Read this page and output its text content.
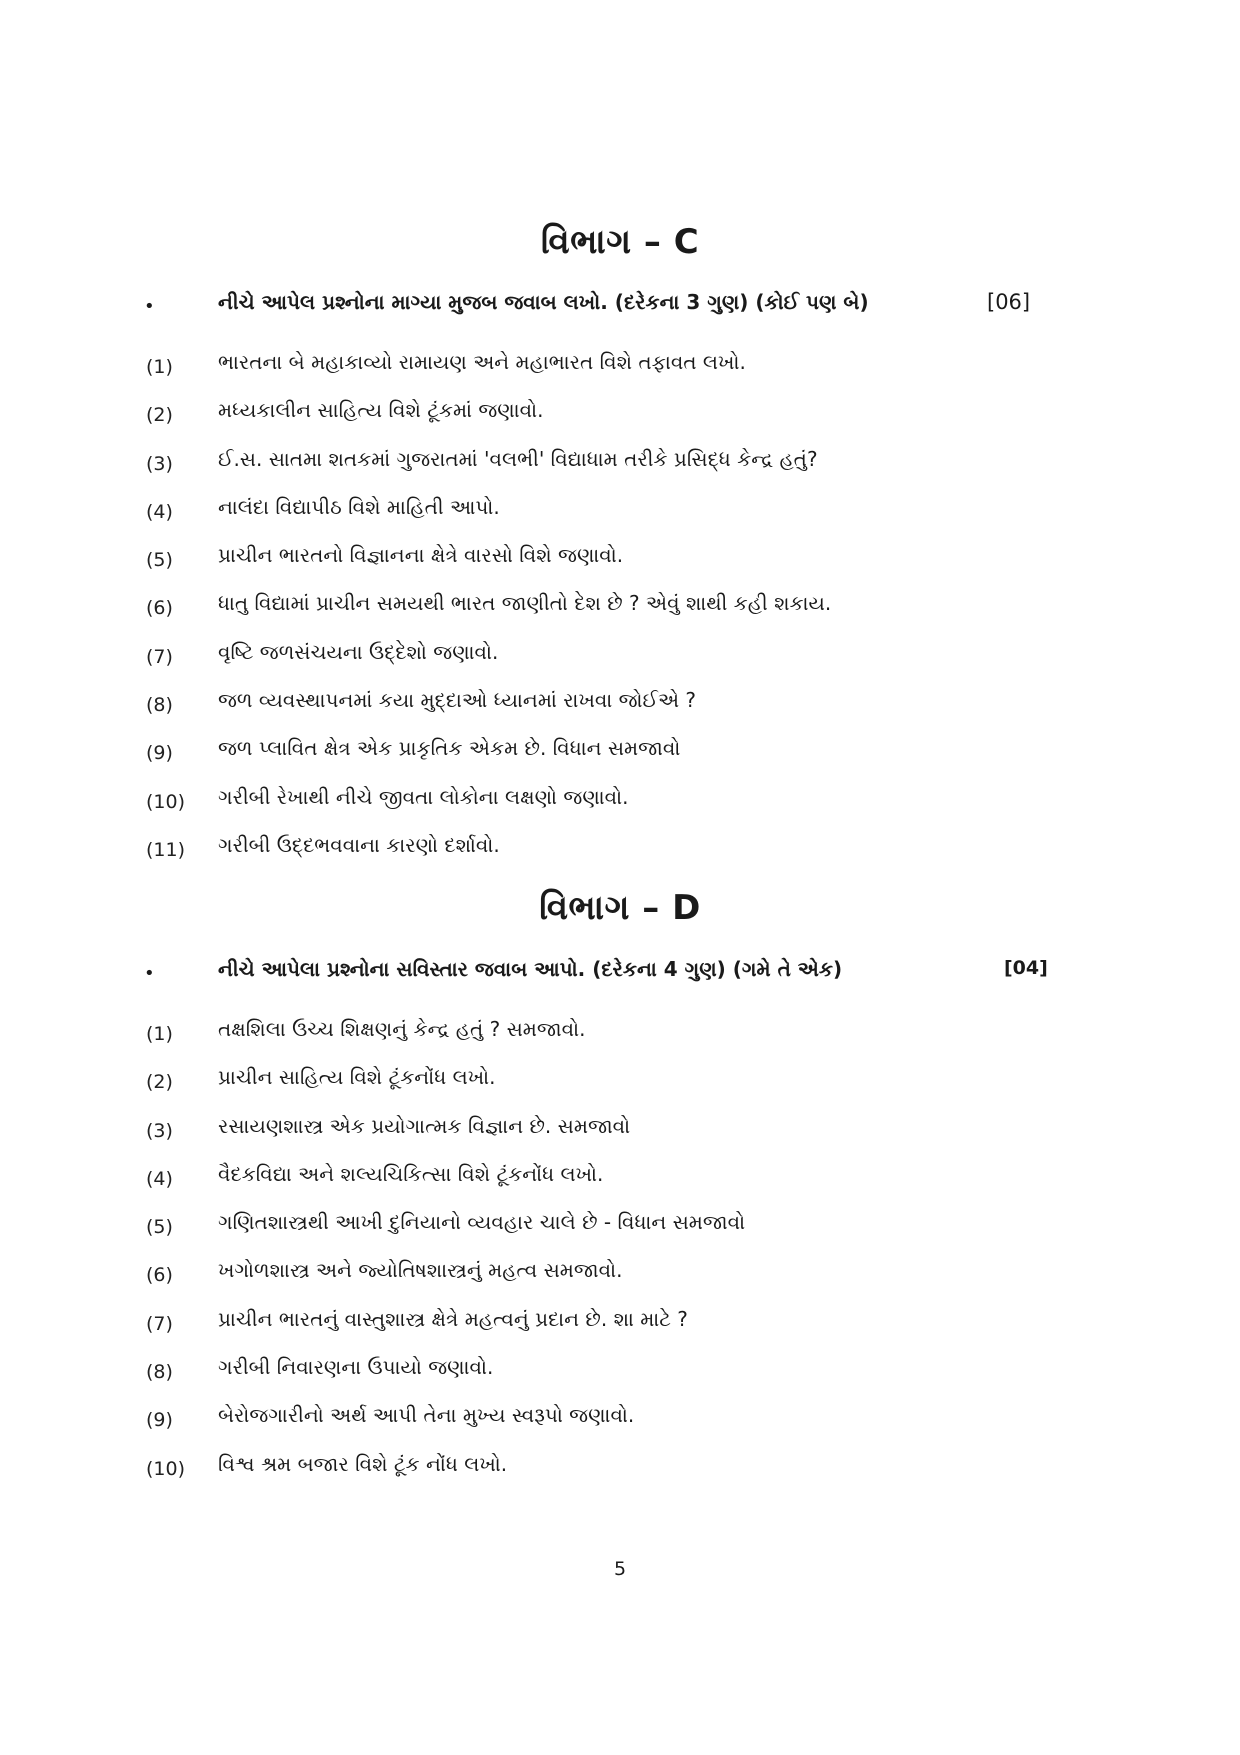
વિભાગ – C
•	નીચે આપેલ પ્રશ્નોના માગ્યા મુજબ જવાબ લખો. (દરેકના 3 ગુણ) (કોઈ પણ બે)	[06]
(1) ભારતના બે મહાકાવ્યો રામાયણ અને મહાભારત વિશે તફાવત લખો.
(2) મધ્યકાલીન સાહિત્ય વિશે ટૂંકમાં જણાવો.
(3) ઈ.સ. સાતમા શતકમાં ગુજરાતમાં 'વલભી' વિદ્યાધામ તરીકે પ્રસિદ્ધ કેન્દ્ર હતું?
(4) નાલંદા વિદ્યાપીઠ વિશે માહિતી આપો.
(5) પ્રાચીન ભારતનો વિજ્ઞાનના ક્ષેત્રે વારસો વિશે જણાવો.
(6) ધાતુ વિદ્યામાં પ્રાચીન સમયથી ભારત જાણીતો દેશ છે ? એવું શાથી કહી શકાય.
(7) વૃષ્ટિ જળસંચયના ઉદ્દેશો જણાવો.
(8) જળ વ્યવસ્થાપનમાં કયા મુદ્દાઓ ધ્યાનમાં રાખવા જોઈએ ?
(9) જળ પ્લાવિત ક્ષેત્ર એક પ્રાકૃતિક એકમ છે. વિધાન સમજાવો
(10) ગરીબી રેખાથી નીચે જીવતા લોકોના લક્ષણો જણાવો.
(11) ગરીબી ઉદ્દભવવાના કારણો દર્શાવો.
વિભાગ – D
•	નીચે આપેલા પ્રશ્નોના સવિસ્તાર જવાબ આપો. (દરેકના 4 ગુણ) (ગમે તે એક)	[04]
(1) તક્ષશિલા ઉચ્ચ શિક્ષણનું કેન્દ્ર હતું ? સમજાવો.
(2) પ્રાચીન સાહિત્ય વિશે ટૂંકનોંધ લખો.
(3) રસાયણશાસ્ત્ર એક પ્રયોગાત્મક વિજ્ઞાન છે. સમજાવો
(4) વૈદકવિદ્યા અને શલ્યચિકિત્સા વિશે ટૂંકનોંધ લખો.
(5) ગણિતશાસ્ત્રથી આખી દુનિયાનો વ્યવહાર ચાલે છે - વિધાન સમજાવો
(6) ખગોળશાસ્ત્ર અને જ્યોતિષશાસ્ત્રનું મહત્વ સમજાવો.
(7) પ્રાચીન ભારતનું વાસ્તુશાસ્ત્ર ક્ષેત્રે મહત્વનું પ્રદાન છે. શા માટે ?
(8) ગરીબી નિવારણના ઉપાયો જણાવો.
(9) બેરોજગારીનો અર્થ આપી તેના મુખ્ય સ્વરૂપો જણાવો.
(10) વિશ્વ શ્રમ બજાર વિશે ટૂંક નોંધ લખો.
5
